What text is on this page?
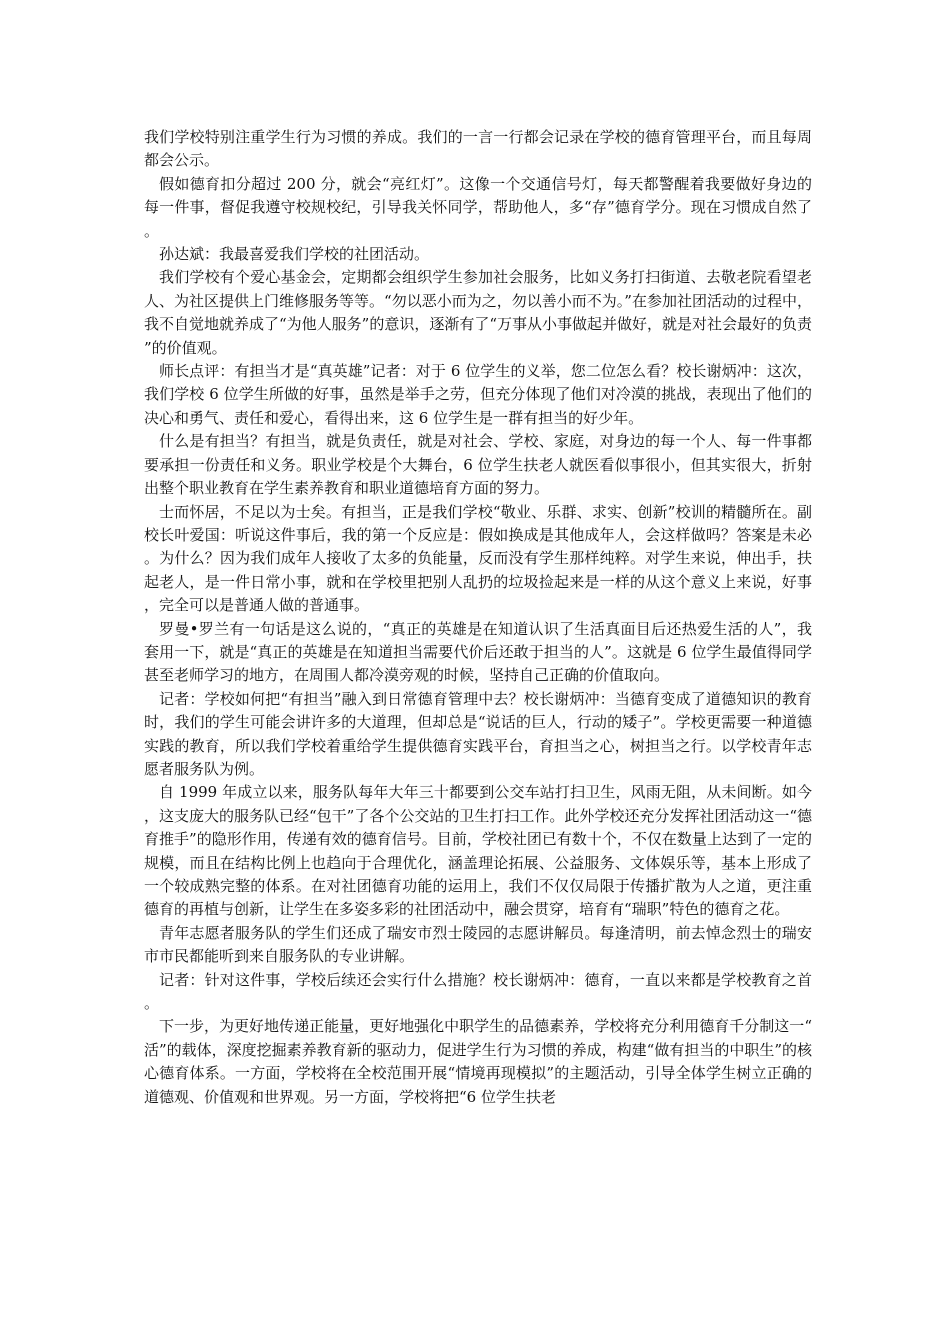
我们学校特别注重学生行为习惯的养成。我们的一言一行都会记录在学校的德育管理平台，而且每周都会公示。

假如德育扣分超过 200 分，就会“亮红灯”。这像一个交通信号灯，每天都警醒着我要做好身边的每一件事，督促我遵守校规校纪，引导我关怀同学，帮助他人，多“存”德育学分。现在习惯成自然了。

孙达斌：我最喜爱我们学校的社团活动。

我们学校有个爱心基金会，定期都会组织学生参加社会服务，比如义务打扫街道、去敬老院看望老人、为社区提供上门维修服务等等。“勿以恶小而为之，勿以善小而不为。”在参加社团活动的过程中，我不自觉地就养成了“为他人服务”的意识，逐渐有了“万事从小事做起并做好，就是对社会最好的负责”的价值观。

师长点评：有担当才是“真英雄”记者：对于 6 位学生的义举，您二位怎么看？校长谢炳冲：这次，我们学校 6 位学生所做的好事，虽然是举手之劳，但充分体现了他们对冷漠的挑战，表现出了他们的决心和勇气、责任和爱心，看得出来，这 6 位学生是一群有担当的好少年。

什么是有担当？有担当，就是负责任，就是对社会、学校、家庭，对身边的每一个人、每一件事都要承担一份责任和义务。职业学校是个大舞台，6 位学生扶老人就医看似事很小，但其实很大，折射出整个职业教育在学生素养教育和职业道德培育方面的努力。

士而怀居，不足以为士矣。有担当，正是我们学校“敬业、乐群、求实、创新”校训的精髓所在。副校长叶爱国：听说这件事后，我的第一个反应是：假如换成是其他成年人，会这样做吗？答案是未必。为什么？因为我们成年人接收了太多的负能量，反而没有学生那样纯粹。对学生来说，伸出手，扶起老人，是一件日常小事，就和在学校里把别人乱扔的垃圾捡起来是一样的从这个意义上来说，好事，完全可以是普通人做的普通事。

罗曼•罗兰有一句话是这么说的，“真正的英雄是在知道认识了生活真面目后还热爱生活的人”，我套用一下，就是“真正的英雄是在知道担当需要代价后还敢于担当的人”。这就是 6 位学生最值得同学甚至老师学习的地方，在周围人都冷漠旁观的时候，坚持自己正确的价值取向。

记者：学校如何把“有担当”融入到日常德育管理中去？校长谢炳冲：当德育变成了道德知识的教育时，我们的学生可能会讲许多的大道理，但却总是“说话的巨人，行动的矮子”。学校更需要一种道德实践的教育，所以我们学校着重给学生提供德育实践平台，育担当之心，树担当之行。以学校青年志愿者服务队为例。

自 1999 年成立以来，服务队每年大年三十都要到公交车站打扫卫生，风雨无阻，从未间断。如今，这支庞大的服务队已经“包干”了各个公交站的卫生打扫工作。此外学校还充分发挥社团活动这一“德育推手”的隐形作用，传递有效的德育信号。目前，学校社团已有数十个，不仅在数量上达到了一定的规模，而且在结构比例上也趋向于合理优化，涵盖理论拓展、公益服务、文体娱乐等，基本上形成了一个较成熟完整的体系。在对社团德育功能的运用上，我们不仅仅局限于传播扩散为人之道，更注重德育的再植与创新，让学生在多姿多彩的社团活动中，融会贯穿，培育有“瑞职”特色的德育之花。

青年志愿者服务队的学生们还成了瑞安市烈士陵园的志愿讲解员。每逢清明，前去悼念烈士的瑞安市市民都能听到来自服务队的专业讲解。

记者：针对这件事，学校后续还会实行什么措施？校长谢炳冲：德育，一直以来都是学校教育之首。

下一步，为更好地传递正能量，更好地强化中职学生的品德素养，学校将充分利用德育千分制这一“活”的载体，深度挖掘素养教育新的驱动力，促进学生行为习惯的养成，构建“做有担当的中职生”的核心德育体系。一方面，学校将在全校范围开展“情境再现模拟”的主题活动，引导全体学生树立正确的道德观、价值观和世界观。另一方面，学校将把“6 位学生扶老
